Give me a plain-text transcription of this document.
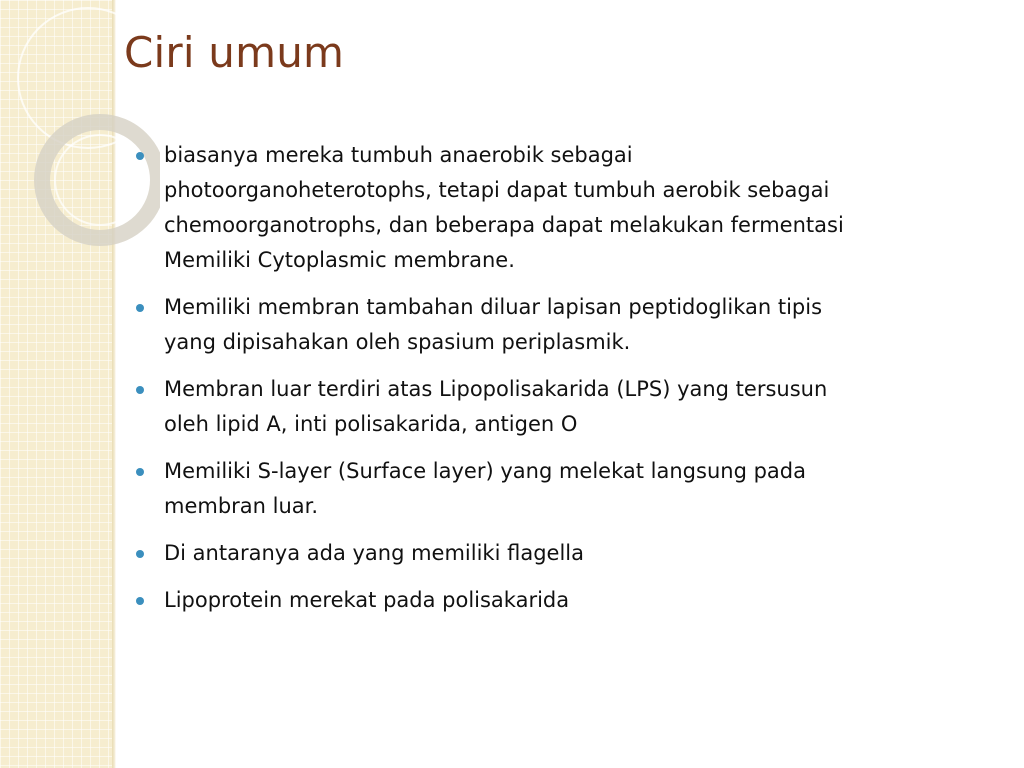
Ciri umum
biasanya mereka tumbuh anaerobik sebagai
photoorganoheterotophs, tetapi dapat tumbuh aerobik sebagai
chemoorganotrophs, dan beberapa dapat melakukan fermentasi
Memiliki Cytoplasmic membrane.
Memiliki membran tambahan diluar lapisan peptidoglikan tipis
yang dipisahakan oleh spasium periplasmik.
Membran luar terdiri atas Lipopolisakarida (LPS) yang tersusun
oleh lipid A, inti polisakarida, antigen O
Memiliki S-layer (Surface layer) yang melekat langsung pada
membran luar.
Di antaranya ada yang memiliki flagella
Lipoprotein merekat pada polisakarida
